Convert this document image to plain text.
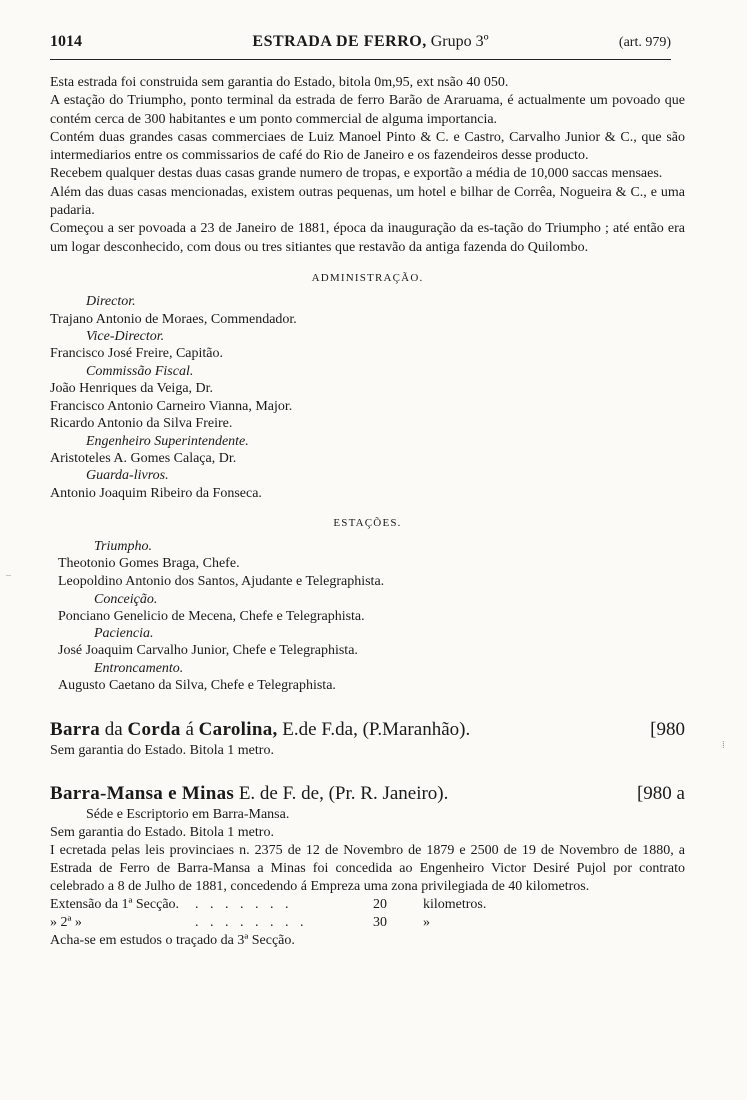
1014	ESTRADA DE FERRO, Grupo 3º	(art. 979)

Esta estrada foi construida sem garantia do Estado, bitola 0m,95, ext nsão 40 050.

A estação do Triumpho, ponto terminal da estrada de ferro Barão de Araruama, é actualmente um povoado que contém cerca de 300 habitantes e um ponto commercial de alguma importancia.

Contém duas grandes casas commerciaes de Luiz Manoel Pinto & C. e Castro, Carvalho Junior & C., que são intermediarios entre os commissarios de café do Rio de Janeiro e os fazendeiros desse producto.

Recebem qualquer destas duas casas grande numero de tropas, e exportão a média de 10,000 saccas mensaes.

Além das duas casas mencionadas, existem outras pequenas, um hotel e bilhar de Corrêa, Nogueira & C., e uma padaria.

Começou a ser povoada a 23 de Janeiro de 1881, época da inauguração da es-tação do Triumpho ; até então era um logar desconhecido, com dous ou tres sitiantes que restavão da antiga fazenda do Quilombo.

ADMINISTRAÇÃO.
Director.
Trajano Antonio de Moraes, Commendador.
Vice-Director.
Francisco José Freire, Capitão.
Commissão Fiscal.
João Henriques da Veiga, Dr.
Francisco Antonio Carneiro Vianna, Major.
Ricardo Antonio da Silva Freire.
Engenheiro Superintendente.
Aristoteles A. Gomes Calaça, Dr.
Guarda-livros.
Antonio Joaquim Ribeiro da Fonseca.
ESTAÇÕES.
Triumpho.
Theotonio Gomes Braga, Chefe.
Leopoldino Antonio dos Santos, Ajudante e Telegraphista.
Conceição.
Ponciano Genelicio de Mecena, Chefe e Telegraphista.
Paciencia.
José Joaquim Carvalho Junior, Chefe e Telegraphista.
Entroncamento.
Augusto Caetano da Silva, Chefe e Telegraphista.
Barra da Corda á Carolina, E.de F.da, (P.Maranhão).	[980
Sem garantia do Estado. Bitola 1 metro.
Barra-Mansa e Minas E. de F. de, (Pr. R. Janeiro).	[980 a
Séde e Escriptorio em Barra-Mansa.
Sem garantia do Estado. Bitola 1 metro.
I ecretada pelas leis provinciaes n. 2375 de 12 de Novembro de 1879 e 2500 de 19 de Novembro de 1880, a Estrada de Ferro de Barra-Mansa a Minas foi concedida ao Engenheiro Victor Desiré Pujol por contrato celebrado a 8 de Julho de 1881, concedendo á Empreza uma zona privilegiada de 40 kilometros.
Extensão da 1ª Secção.	. . . . . . .	20	kilometros.
» 2ª »	. . . . . . . .	30	»
Acha-se em estudos o traçado da 3ª Secção.
–
⁞
